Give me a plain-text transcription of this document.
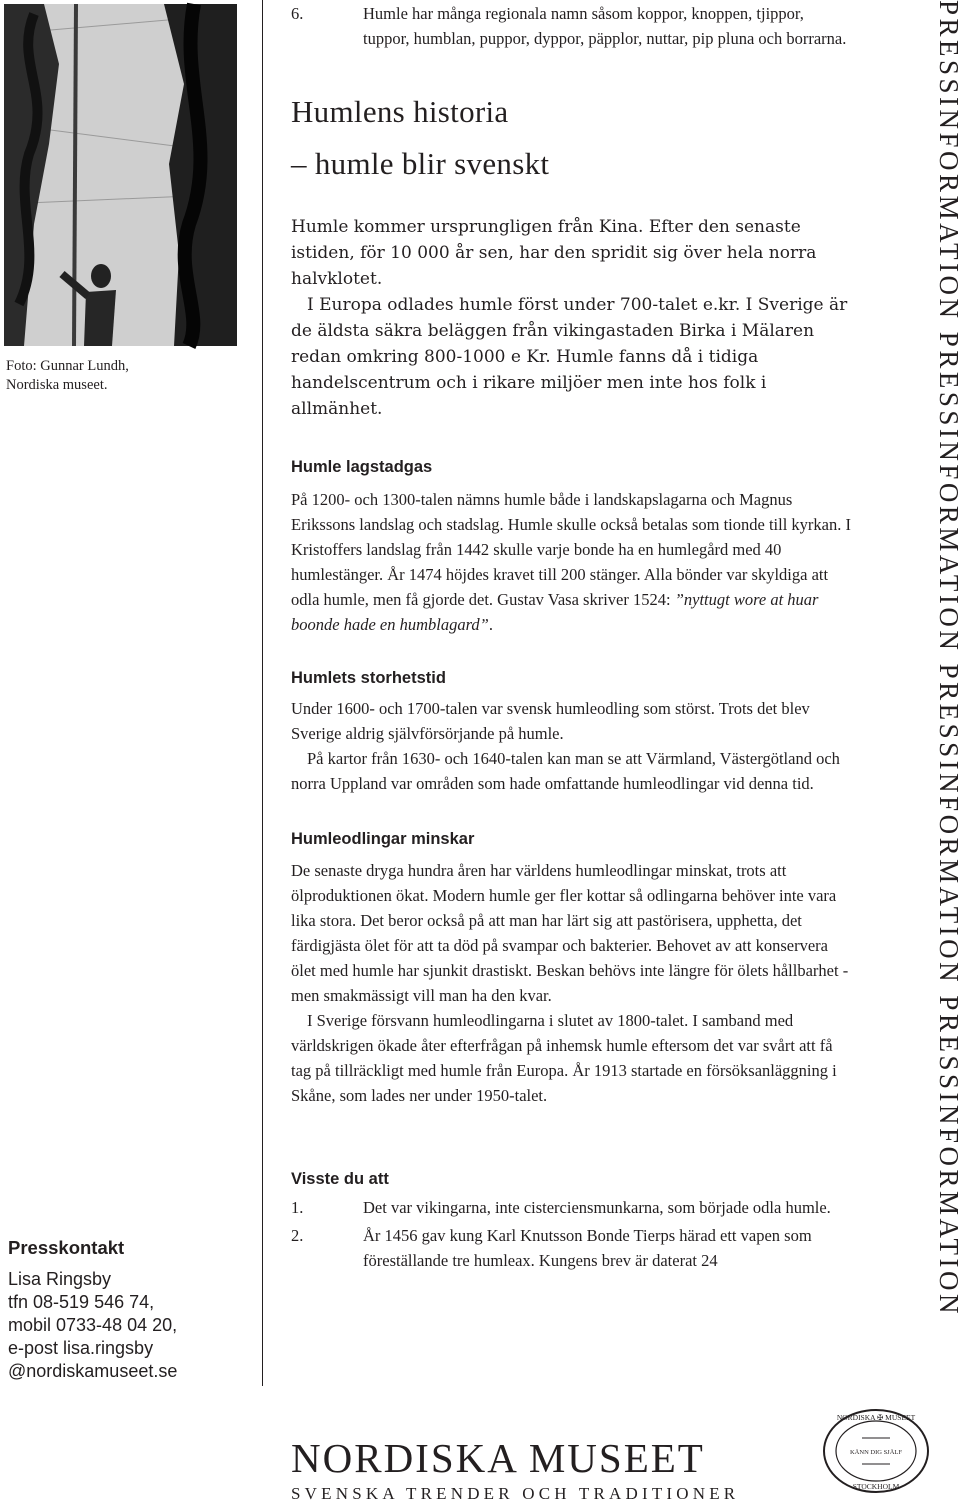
Foto: Gunnar Lundh,
Nordiska museet.
Presskontakt
Lisa Ringsby
tfn 08-519 546 74,
mobil 0733-48 04 20,
e-post lisa.ringsby
@nordiskamuseet.se
6.	Humle har många regionala namn såsom koppor, knoppen, tjippor, tuppor, humblan, puppor, dyppor, päpplor, nuttar, pip pluna och borrarna.
Humlens historia
– humle blir svenskt
Humle kommer ursprungligen från Kina. Efter den senaste istiden, för 10 000 år sen, har den spridit sig över hela norra halvklotet.
I Europa odlades humle först under 700-talet e.kr. I Sverige är de äldsta säkra beläggen från vikingastaden Birka i Mälaren redan omkring 800-1000 e Kr. Humle fanns då i tidiga handelscentrum och i rikare miljöer men inte hos folk i allmänhet.
Humle lagstadgas
På 1200- och 1300-talen nämns humle både i landskapslagarna och Magnus Erikssons landslag och stadslag. Humle skulle också betalas som tionde till kyrkan. I Kristoffers landslag från 1442 skulle varje bonde ha en humlegård med 40 humlestänger. År 1474 höjdes kravet till 200 stänger. Alla bönder var skyldiga att odla humle, men få gjorde det. Gustav Vasa skriver 1524: ”nyttugt wore at huar boonde hade en humblagard”.
Humlets storhetstid
Under 1600- och 1700-talen var svensk humleodling som störst. Trots det blev Sverige aldrig självförsörjande på humle.
På kartor från 1630- och 1640-talen kan man se att Värmland, Västergötland och norra Uppland var områden som hade omfattande humleodlingar vid denna tid.
Humleodlingar minskar
De senaste dryga hundra åren har världens humleodlingar minskat, trots att ölproduktionen ökat. Modern humle ger fler kottar så odlingarna behöver inte vara lika stora. Det beror också på att man har lärt sig att pastörisera, upphetta, det färdigjästa ölet för att ta död på svampar och bakterier. Behovet av att konservera ölet med humle har sjunkit drastiskt. Beskan behövs inte längre för ölets hållbarhet - men smakmässigt vill man ha den kvar.
I Sverige försvann humleodlingarna i slutet av 1800-talet. I samband med världskrigen ökade åter efterfrågan på inhemsk humle eftersom det var svårt att få tag på tillräckligt med humle från Europa. År 1913 startade en försöksanläggning i Skåne, som lades ner under 1950-talet.
Visste du att
1.	Det var vikingarna, inte cisterciensmunkarna, som började odla humle.
2.	År 1456 gav kung Karl Knutsson Bonde Tierps härad ett vapen som föreställande tre humleax. Kungens brev är daterat 24	PRESSINFORMATION PRESSINFORMATION PRESSINFORMATION PRESSINFORMATION
NORDISKA MUSEET
SVENSKA TRENDER OCH TRADITIONER
NORDISKA ✠ MUSEET
KÄNN DIG SJÄLF
STOCKHOLM
